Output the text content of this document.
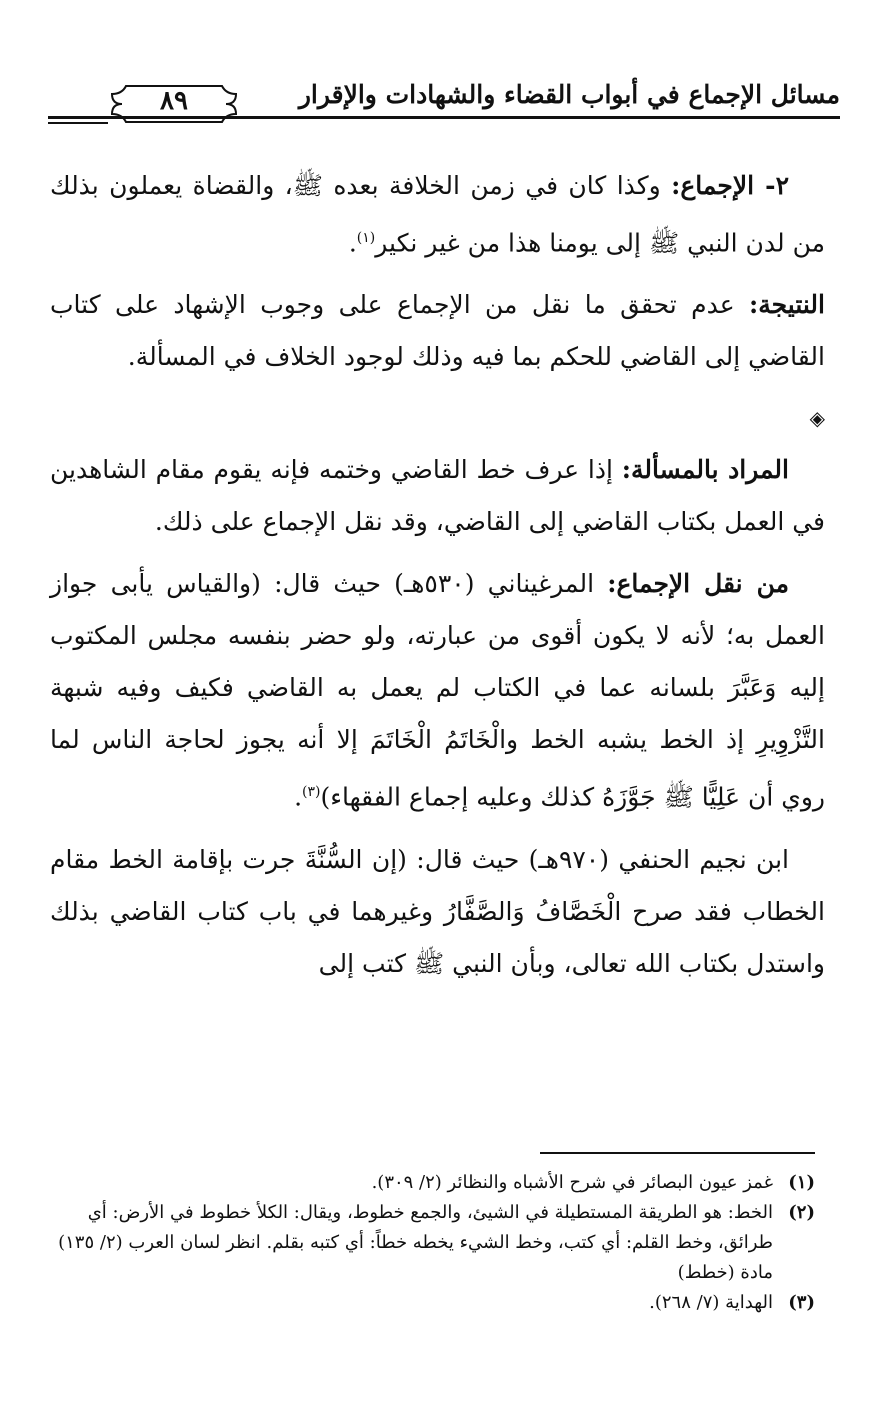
مسائل الإجماع في أبواب القضاء والشهادات والإقرار
٨٩

٢- الإجماع: وكذا كان في زمن الخلافة بعده ﷺ، والقضاة يعملون بذلك من لدن النبي ﷺ إلى يومنا هذا من غير نكير$^{(١)}$.

النتيجة: عدم تحقق ما نقل من الإجماع على وجوب الإشهاد على كتاب القاضي إلى القاضي للحكم بما فيه وذلك لوجود الخلاف في المسألة.

◈

المراد بالمسألة: إذا عرف خط القاضي وختمه فإنه يقوم مقام الشاهدين في العمل بكتاب القاضي إلى القاضي، وقد نقل الإجماع على ذلك.

من نقل الإجماع: المرغيناني (٥٣٠هـ) حيث قال: (والقياس يأبى جواز العمل به؛ لأنه لا يكون أقوى من عبارته، ولو حضر بنفسه مجلس المكتوب إليه وَعَبَّرَ بلسانه عما في الكتاب لم يعمل به القاضي فكيف وفيه شبهة التَّزْوِيرِ إذ الخط يشبه الخط والْخَاتَمُ الْخَاتَمَ إلا أنه يجوز لحاجة الناس لما روي أن عَلِيًّا ﷺ جَوَّزَهُ كذلك وعليه إجماع الفقهاء)$^{(٣)}$.

ابن نجيم الحنفي (٩٧٠هـ) حيث قال: (إن السُّنَّةَ جرت بإقامة الخط مقام الخطاب فقد صرح الْخَصَّافُ وَالصَّفَّارُ وغيرهما في باب كتاب القاضي بذلك واستدل بكتاب الله تعالى، وبأن النبي ﷺ كتب إلى

(١)غمز عيون البصائر في شرح الأشباه والنظائر (٢/ ٣٠٩).

(٢)الخط: هو الطريقة المستطيلة في الشيئ، والجمع خطوط، ويقال: الكلأ خطوط في الأرض: أي طرائق، وخط القلم: أي كتب، وخط الشيء يخطه خطاً: أي كتبه بقلم. انظر لسان العرب (٢/ ١٣٥) مادة (خطط)

(٣)الهداية (٧/ ٢٦٨).
